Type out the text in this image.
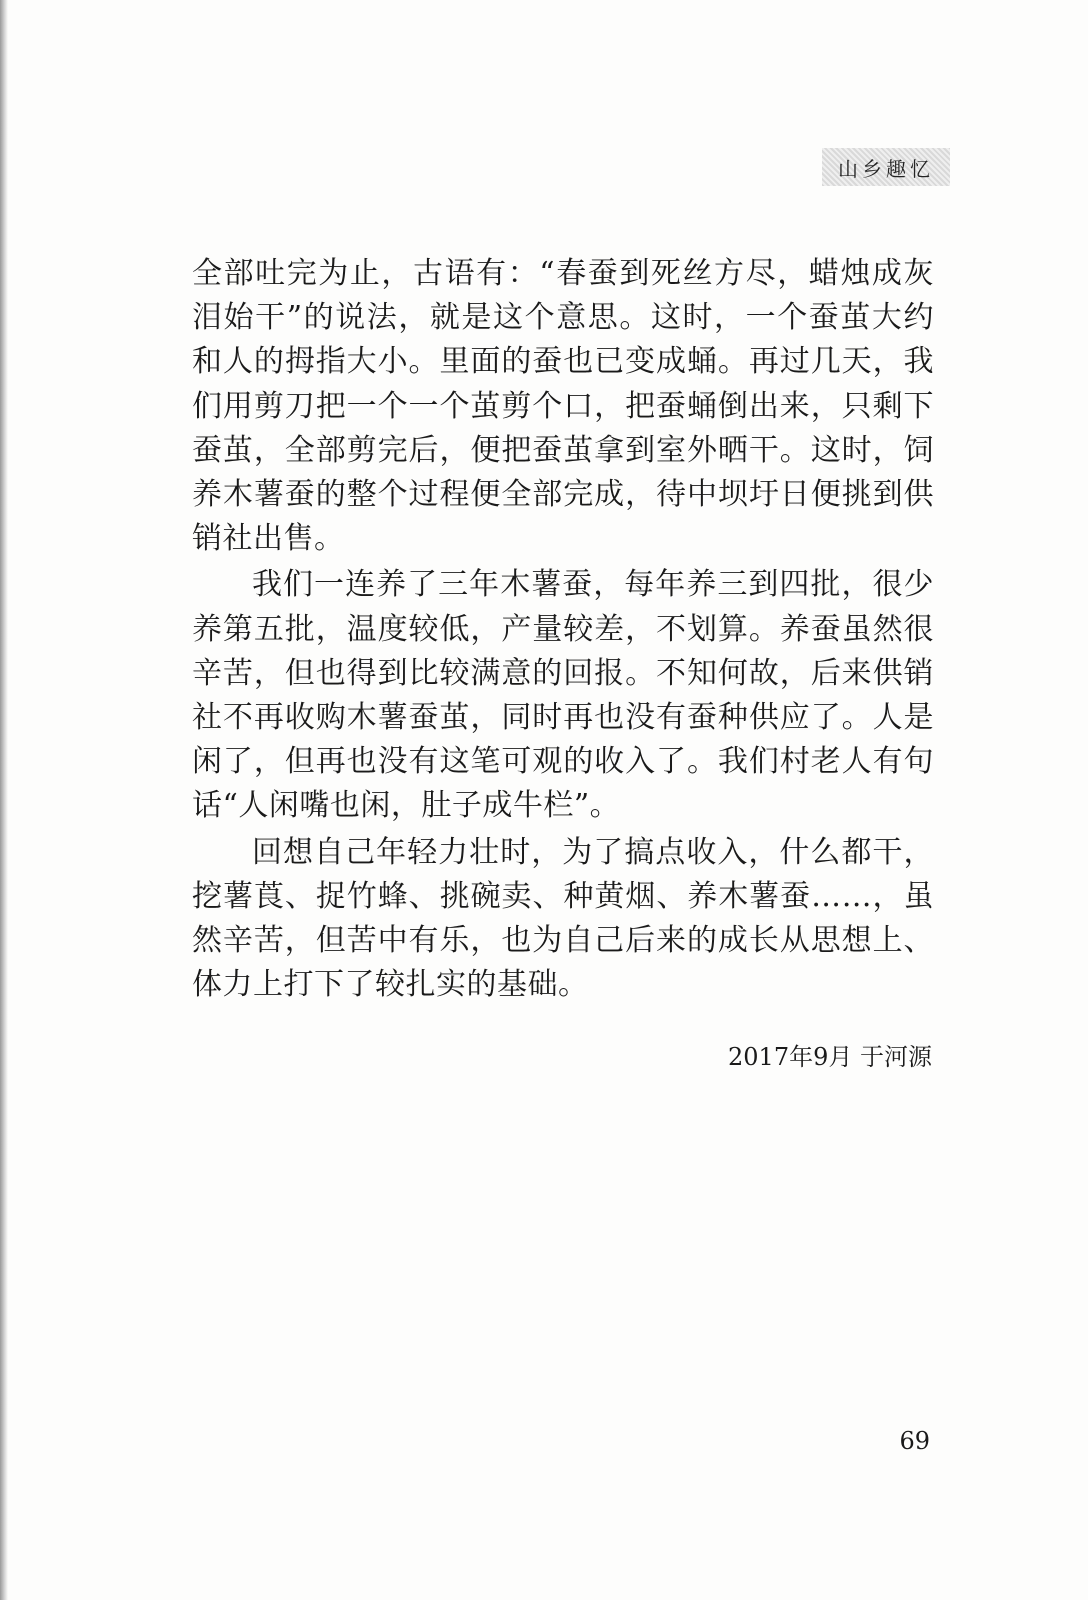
山乡趣忆

全部吐完为止，古语有：“春蚕到死丝方尽，蜡烛成灰泪始干”的说法，就是这个意思。这时，一个蚕茧大约和人的拇指大小。里面的蚕也已变成蛹。再过几天，我们用剪刀把一个一个茧剪个口，把蚕蛹倒出来，只剩下蚕茧，全部剪完后，便把蚕茧拿到室外晒干。这时，饲养木薯蚕的整个过程便全部完成，待中坝圩日便挑到供销社出售。

我们一连养了三年木薯蚕，每年养三到四批，很少养第五批，温度较低，产量较差，不划算。养蚕虽然很辛苦，但也得到比较满意的回报。不知何故，后来供销社不再收购木薯蚕茧，同时再也没有蚕种供应了。人是闲了，但再也没有这笔可观的收入了。我们村老人有句话“人闲嘴也闲，肚子成牛栏”。

回想自己年轻力壮时，为了搞点收入，什么都干，挖薯莨、捉竹蜂、挑碗卖、种黄烟、养木薯蚕……，虽然辛苦，但苦中有乐，也为自己后来的成长从思想上、体力上打下了较扎实的基础。

2017年9月 于河源
69
